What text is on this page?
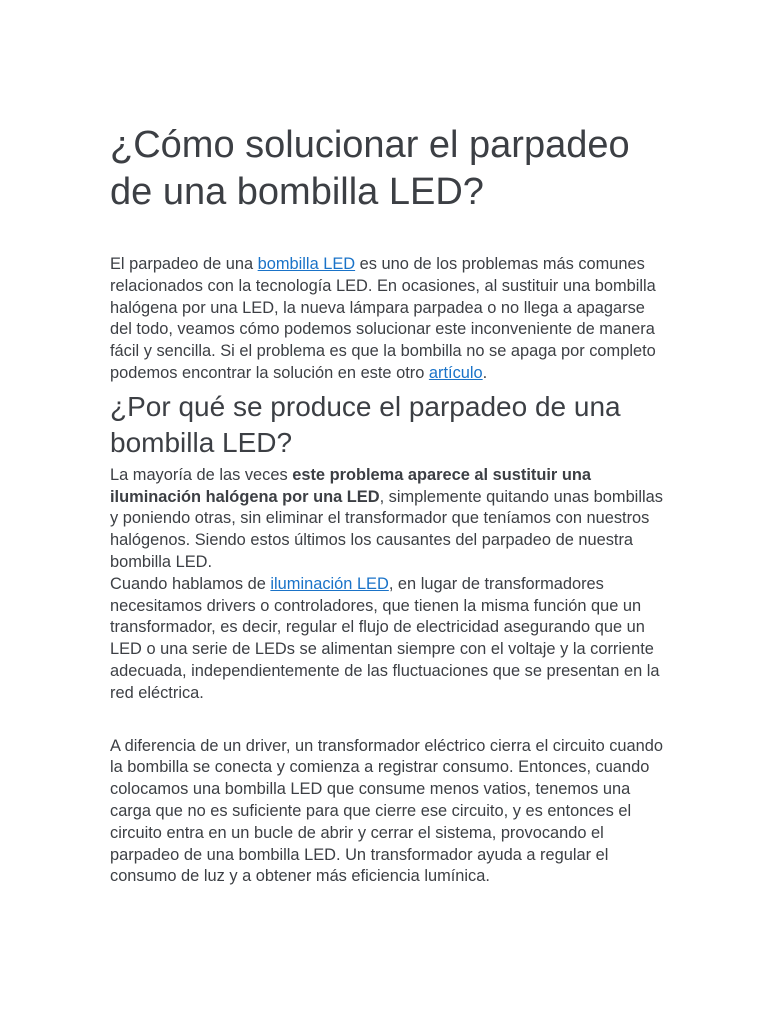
¿Cómo solucionar el parpadeo de una bombilla LED?

El parpadeo de una bombilla LED es uno de los problemas más comunes relacionados con la tecnología LED. En ocasiones, al sustituir una bombilla halógena por una LED, la nueva lámpara parpadea o no llega a apagarse del todo, veamos cómo podemos solucionar este inconveniente de manera fácil y sencilla. Si el problema es que la bombilla no se apaga por completo podemos encontrar la solución en este otro artículo.

¿Por qué se produce el parpadeo de una bombilla LED?

La mayoría de las veces este problema aparece al sustituir una iluminación halógena por una LED, simplemente quitando unas bombillas y poniendo otras, sin eliminar el transformador que teníamos con nuestros halógenos. Siendo estos últimos los causantes del parpadeo de nuestra bombilla LED.

Cuando hablamos de iluminación LED, en lugar de transformadores necesitamos drivers o controladores, que tienen la misma función que un transformador, es decir, regular el flujo de electricidad asegurando que un LED o una serie de LEDs se alimentan siempre con el voltaje y la corriente adecuada, independientemente de las fluctuaciones que se presentan en la red eléctrica.

A diferencia de un driver, un transformador eléctrico cierra el circuito cuando la bombilla se conecta y comienza a registrar consumo. Entonces, cuando colocamos una bombilla LED que consume menos vatios, tenemos una carga que no es suficiente para que cierre ese circuito, y es entonces el circuito entra en un bucle de abrir y cerrar el sistema, provocando el parpadeo de una bombilla LED. Un transformador ayuda a regular el consumo de luz y a obtener más eficiencia lumínica.
